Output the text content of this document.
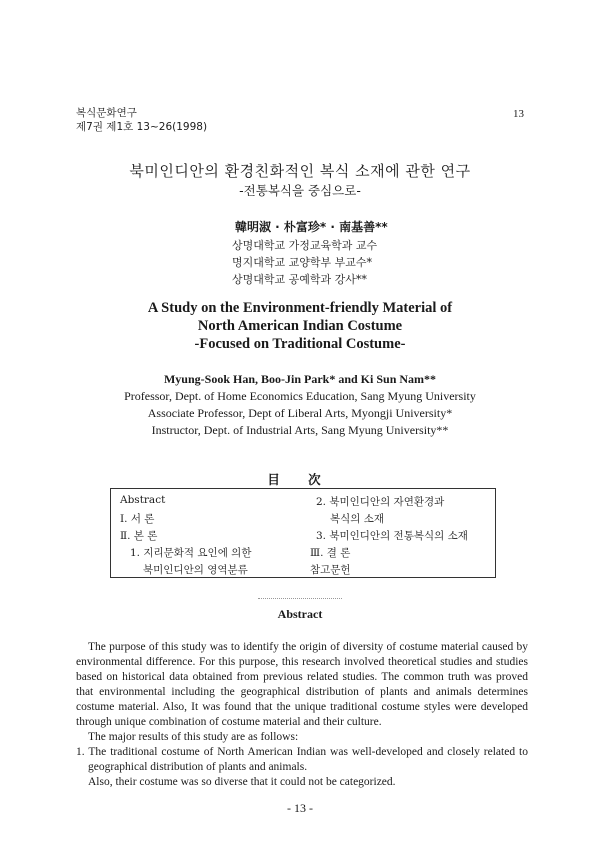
복식문화연구
제7권 제1호 13~26(1998)
13
북미인디안의 환경친화적인 복식 소재에 관한 연구
-전통복식을 중심으로-
韓明淑 · 朴富珍* · 南基善**
상명대학교 가정교육학과 교수
명지대학교 교양학부 부교수*
상명대학교 공예학과 강사**
A Study on the Environment-friendly Material of
North American Indian Costume
-Focused on Traditional Costume-
Myung-Sook Han, Boo-Jin Park* and Ki Sun Nam**
Professor, Dept. of Home Economics Education, Sang Myung University
Associate Professor, Dept of Liberal Arts, Myongji University*
Instructor, Dept. of Industrial Arts, Sang Myung University**
目 次
Abstract
Ⅰ. 서 론
Ⅱ. 본 론
1. 지리문화적 요인에 의한
북미인디안의 영역분류
2. 북미인디안의 자연환경과
복식의 소재
3. 북미인디안의 전통복식의 소재
Ⅲ. 결 론
참고문헌
Abstract

The purpose of this study was to identify the origin of diversity of costume material caused by environmental difference. For this purpose, this research involved theoretical studies and studies based on historical data obtained from previous related studies. The common truth was proved that environmental including the geographical distribution of plants and animals determines costume material. Also, It was found that the unique traditional costume styles were developed through unique combination of costume material and their culture.

The major results of this study are as follows:

1. The traditional costume of North American Indian was well-developed and closely related to geographical distribution of plants and animals.

Also, their costume was so diverse that it could not be categorized.

- 13 -
